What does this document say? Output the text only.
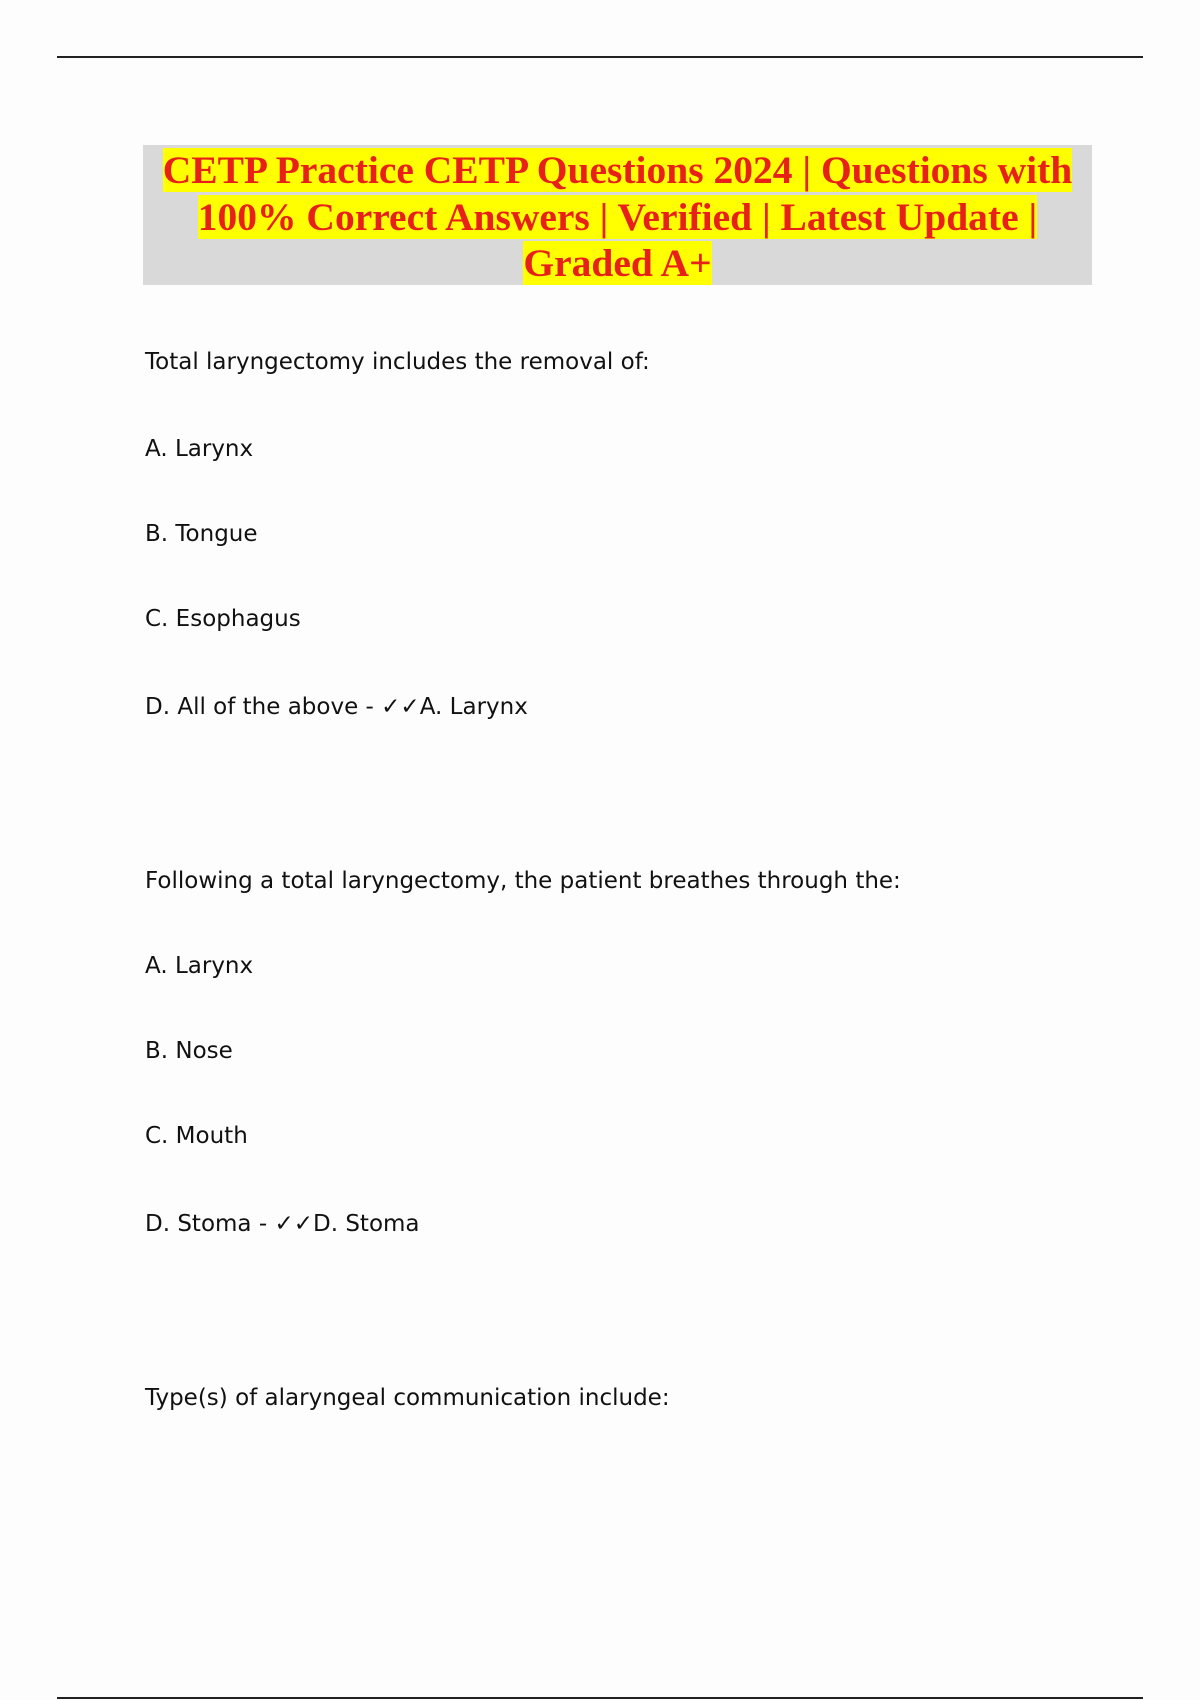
CETP Practice CETP Questions 2024 | Questions with
100% Correct Answers | Verified | Latest Update |
Graded A+
Total laryngectomy includes the removal of:
A. Larynx
B. Tongue
C. Esophagus
D. All of the above - ✓✓A. Larynx
Following a total laryngectomy, the patient breathes through the:
A. Larynx
B. Nose
C. Mouth
D. Stoma - ✓✓D. Stoma
Type(s) of alaryngeal communication include:
